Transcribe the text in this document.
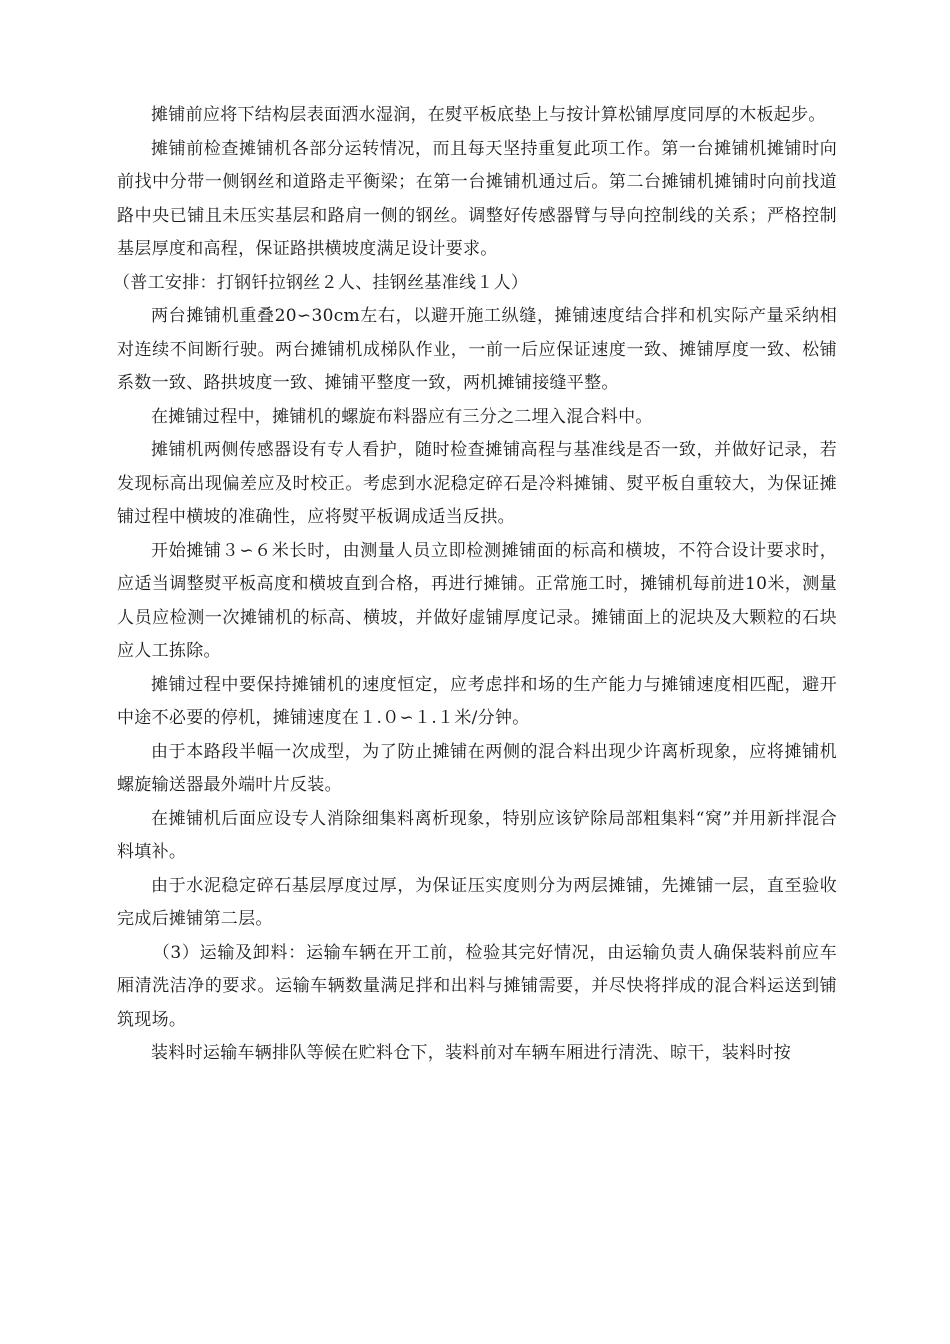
摊铺前应将下结构层表面洒水湿润，在熨平板底垫上与按计算松铺厚度同厚的木板起步。

摊铺前检查摊铺机各部分运转情况，而且每天坚持重复此项工作。第一台摊铺机摊铺时向前找中分带一侧钢丝和道路走平衡梁；在第一台摊铺机通过后。第二台摊铺机摊铺时向前找道路中央已铺且未压实基层和路肩一侧的钢丝。调整好传感器臂与导向控制线的关系；严格控制基层厚度和高程，保证路拱横坡度满足设计要求。

（普工安排：打钢钎拉钢丝２人、挂钢丝基准线１人）

两台摊铺机重叠20∽30cm左右，以避开施工纵缝，摊铺速度结合拌和机实际产量采纳相对连续不间断行驶。两台摊铺机成梯队作业，一前一后应保证速度一致、摊铺厚度一致、松铺系数一致、路拱坡度一致、摊铺平整度一致，两机摊铺接缝平整。

在摊铺过程中，摊铺机的螺旋布料器应有三分之二埋入混合料中。

摊铺机两侧传感器设有专人看护，随时检查摊铺高程与基准线是否一致，并做好记录，若发现标高出现偏差应及时校正。考虑到水泥稳定碎石是冷料摊铺、熨平板自重较大，为保证摊铺过程中横坡的准确性，应将熨平板调成适当反拱。

开始摊铺３∽６米长时，由测量人员立即检测摊铺面的标高和横坡，不符合设计要求时，应适当调整熨平板高度和横坡直到合格，再进行摊铺。正常施工时，摊铺机每前进10米，测量人员应检测一次摊铺机的标高、横坡，并做好虚铺厚度记录。摊铺面上的泥块及大颗粒的石块应人工拣除。

摊铺过程中要保持摊铺机的速度恒定，应考虑拌和场的生产能力与摊铺速度相匹配，避开中途不必要的停机，摊铺速度在１.０∽１.１米/分钟。

由于本路段半幅一次成型，为了防止摊铺在两侧的混合料出现少许离析现象，应将摊铺机螺旋输送器最外端叶片反装。

在摊铺机后面应设专人消除细集料离析现象，特别应该铲除局部粗集料“窝”并用新拌混合料填补。

由于水泥稳定碎石基层厚度过厚，为保证压实度则分为两层摊铺，先摊铺一层，直至验收完成后摊铺第二层。

（3）运输及卸料：运输车辆在开工前，检验其完好情况，由运输负责人确保装料前应车厢清洗洁净的要求。运输车辆数量满足拌和出料与摊铺需要，并尽快将拌成的混合料运送到铺筑现场。

装料时运输车辆排队等候在贮料仓下，装料前对车辆车厢进行清洗、晾干，装料时按
